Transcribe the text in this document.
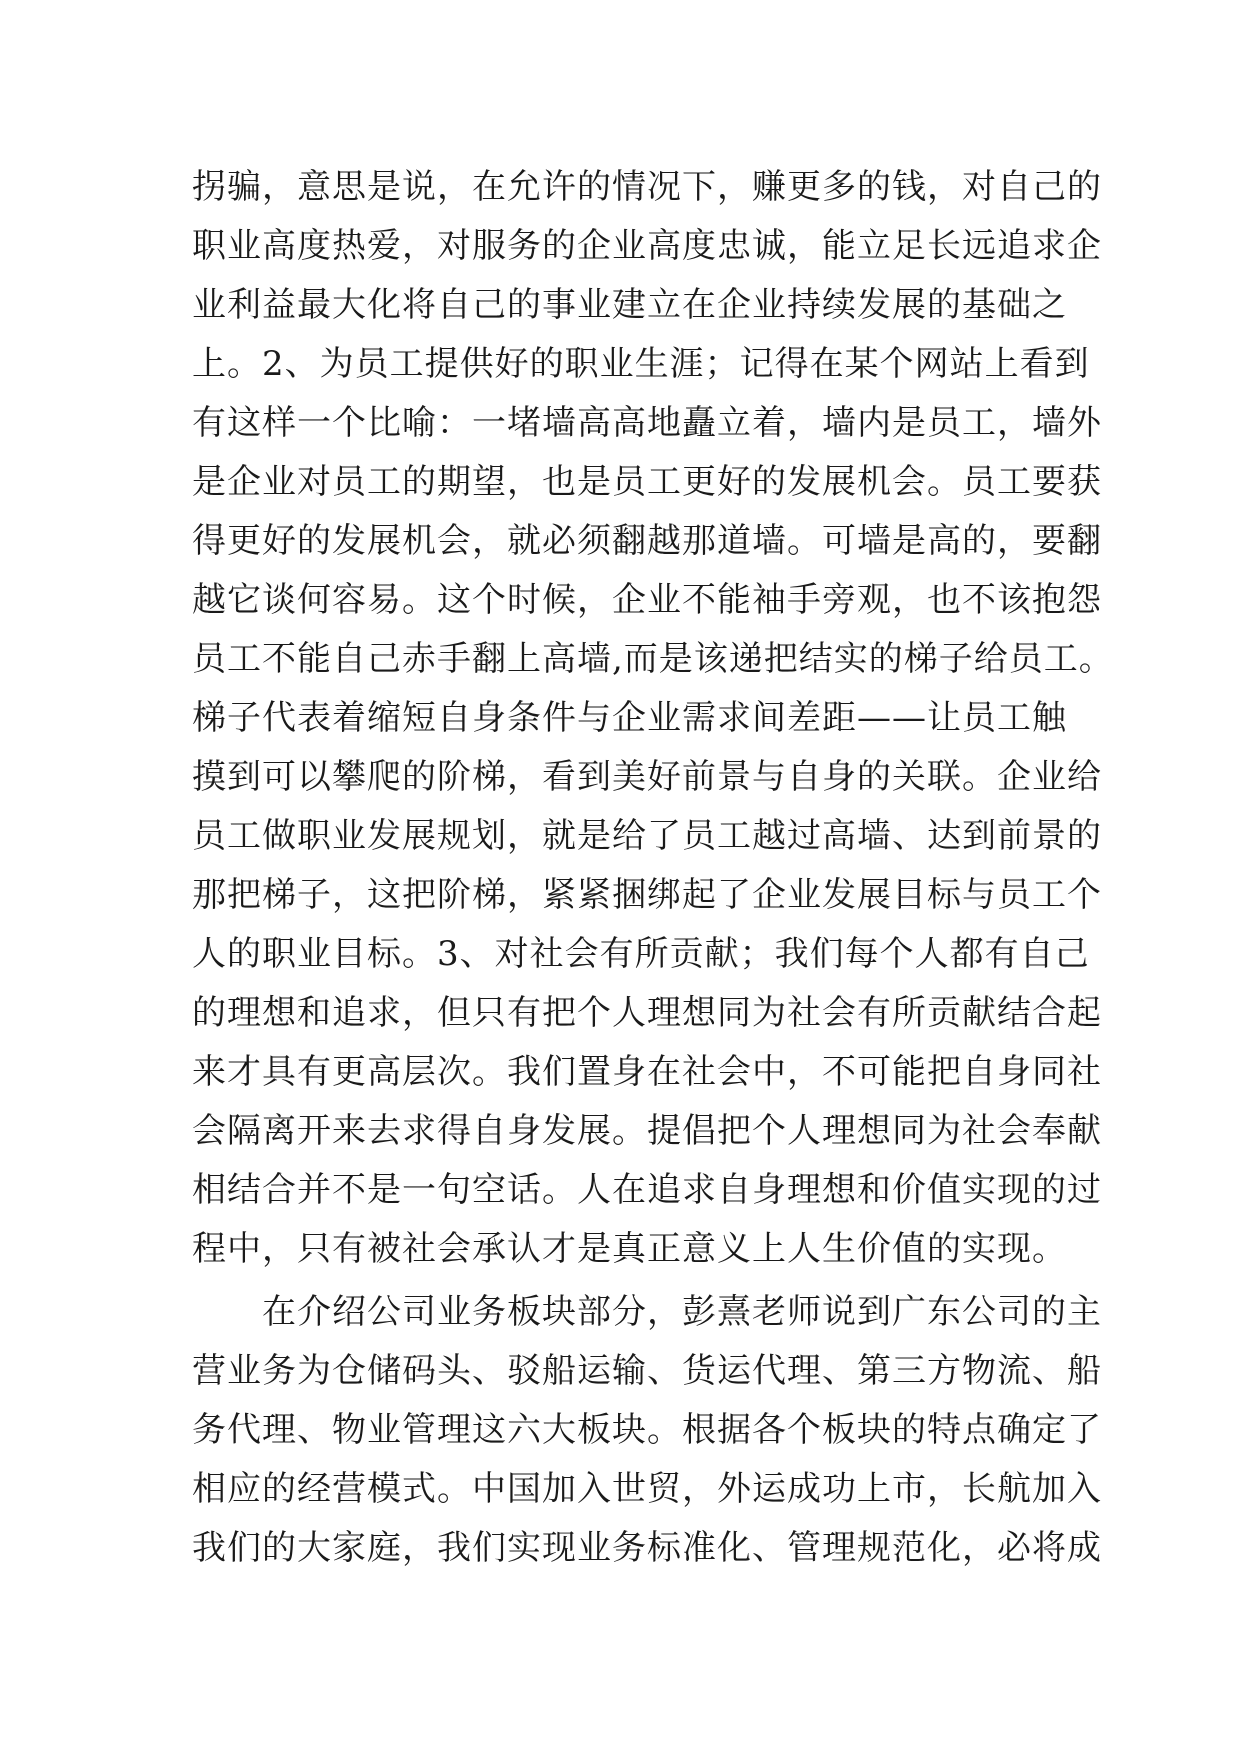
拐骗，意思是说，在允许的情况下，赚更多的钱，对自己的
职业高度热爱，对服务的企业高度忠诚，能立足长远追求企
业利益最大化将自己的事业建立在企业持续发展的基础之
上。2、为员工提供好的职业生涯；记得在某个网站上看到
有这样一个比喻：一堵墙高高地矗立着，墙内是员工，墙外
是企业对员工的期望，也是员工更好的发展机会。员工要获
得更好的发展机会，就必须翻越那道墙。可墙是高的，要翻
越它谈何容易。这个时候，企业不能袖手旁观，也不该抱怨
员工不能自己赤手翻上高墙,而是该递把结实的梯子给员工。
梯子代表着缩短自身条件与企业需求间差距——让员工触
摸到可以攀爬的阶梯，看到美好前景与自身的关联。企业给
员工做职业发展规划，就是给了员工越过高墙、达到前景的
那把梯子，这把阶梯，紧紧捆绑起了企业发展目标与员工个
人的职业目标。3、对社会有所贡献；我们每个人都有自己
的理想和追求，但只有把个人理想同为社会有所贡献结合起
来才具有更高层次。我们置身在社会中，不可能把自身同社
会隔离开来去求得自身发展。提倡把个人理想同为社会奉献
相结合并不是一句空话。人在追求自身理想和价值实现的过
程中，只有被社会承认才是真正意义上人生价值的实现。
在介绍公司业务板块部分，彭熹老师说到广东公司的主
营业务为仓储码头、驳船运输、货运代理、第三方物流、船
务代理、物业管理这六大板块。根据各个板块的特点确定了
相应的经营模式。中国加入世贸，外运成功上市，长航加入
我们的大家庭，我们实现业务标准化、管理规范化，必将成
